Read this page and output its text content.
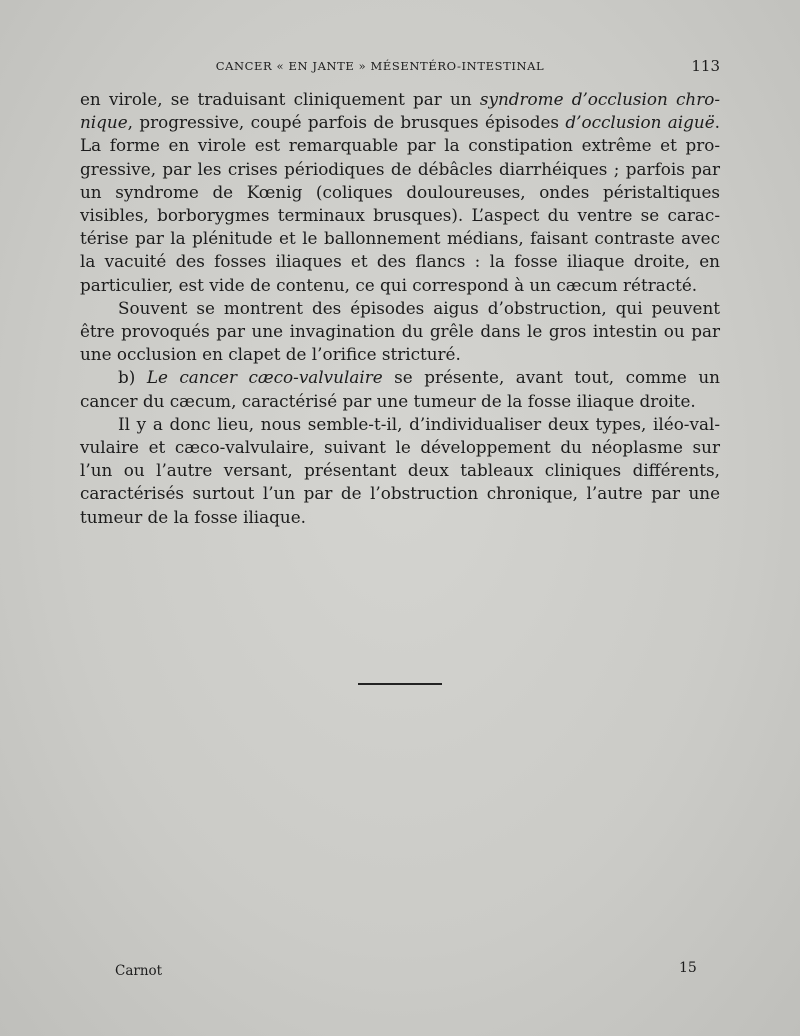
CANCER « EN JANTE » MÉSENTÉRO-INTESTINAL	113

en virole, se traduisant cliniquement par un syndrome d’occlusion chro-nique, progressive, coupé parfois de brusques épisodes d’occlusion aiguë. La forme en virole est remarquable par la constipation extrême et pro-gressive, par les crises périodiques de débâcles diarrhéiques ; parfois par un syndrome de Kœnig (coliques douloureuses, ondes péristaltiques visibles, borborygmes terminaux brusques). L’aspect du ventre se carac-térise par la plénitude et le ballonnement médians, faisant contraste avec la vacuité des fosses iliaques et des flancs : la fosse iliaque droite, en particulier, est vide de contenu, ce qui correspond à un cæcum rétracté.

Souvent se montrent des épisodes aigus d’obstruction, qui peuvent être provoqués par une invagination du grêle dans le gros intestin ou par une occlusion en clapet de l’orifice stricturé.

b) Le cancer cæco-valvulaire se présente, avant tout, comme un cancer du cæcum, caractérisé par une tumeur de la fosse iliaque droite.

Il y a donc lieu, nous semble-t-il, d’individualiser deux types, iléo-val-vulaire et cæco-valvulaire, suivant le développement du néoplasme sur l’un ou l’autre versant, présentant deux tableaux cliniques différents, caractérisés surtout l’un par de l’obstruction chronique, l’autre par une tumeur de la fosse iliaque.

Carnot	15
